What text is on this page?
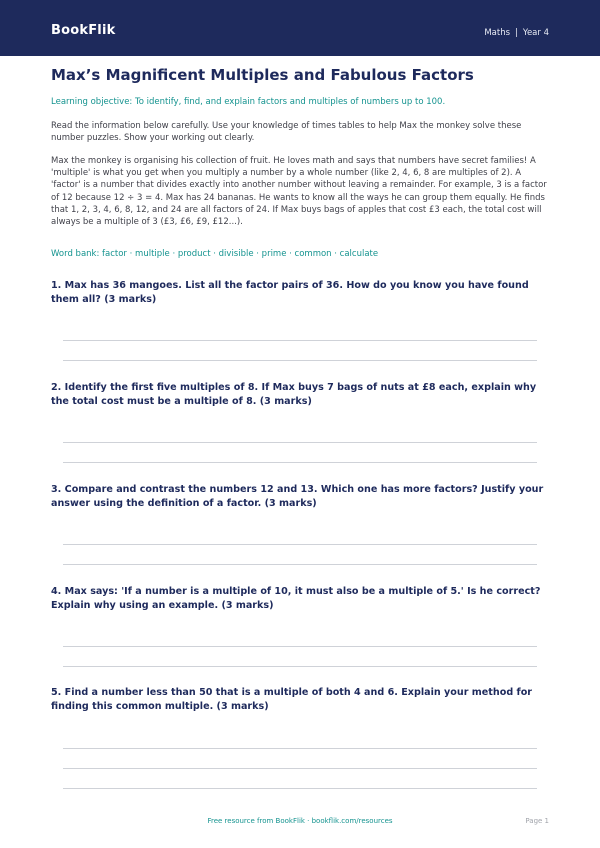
BookFlik	Maths | Year 4
Max’s Magnificent Multiples and Fabulous Factors
Learning objective: To identify, find, and explain factors and multiples of numbers up to 100.

Read the information below carefully. Use your knowledge of times tables to help Max the monkey solve these number puzzles. Show your working out clearly.

Max the monkey is organising his collection of fruit. He loves math and says that numbers have secret families! A 'multiple' is what you get when you multiply a number by a whole number (like 2, 4, 6, 8 are multiples of 2). A 'factor' is a number that divides exactly into another number without leaving a remainder. For example, 3 is a factor of 12 because 12 ÷ 3 = 4. Max has 24 bananas. He wants to know all the ways he can group them equally. He finds that 1, 2, 3, 4, 6, 8, 12, and 24 are all factors of 24. If Max buys bags of apples that cost £3 each, the total cost will always be a multiple of 3 (£3, £6, £9, £12...).

Word bank: factor · multiple · product · divisible · prime · common · calculate

1. Max has 36 mangoes. List all the factor pairs of 36. How do you know you have found them all? (3 marks)

2. Identify the first five multiples of 8. If Max buys 7 bags of nuts at £8 each, explain why the total cost must be a multiple of 8. (3 marks)

3. Compare and contrast the numbers 12 and 13. Which one has more factors? Justify your answer using the definition of a factor. (3 marks)

4. Max says: 'If a number is a multiple of 10, it must also be a multiple of 5.' Is he correct? Explain why using an example. (3 marks)

5. Find a number less than 50 that is a multiple of both 4 and 6. Explain your method for finding this common multiple. (3 marks)

Free resource from BookFlik · bookflik.com/resources	Page 1
